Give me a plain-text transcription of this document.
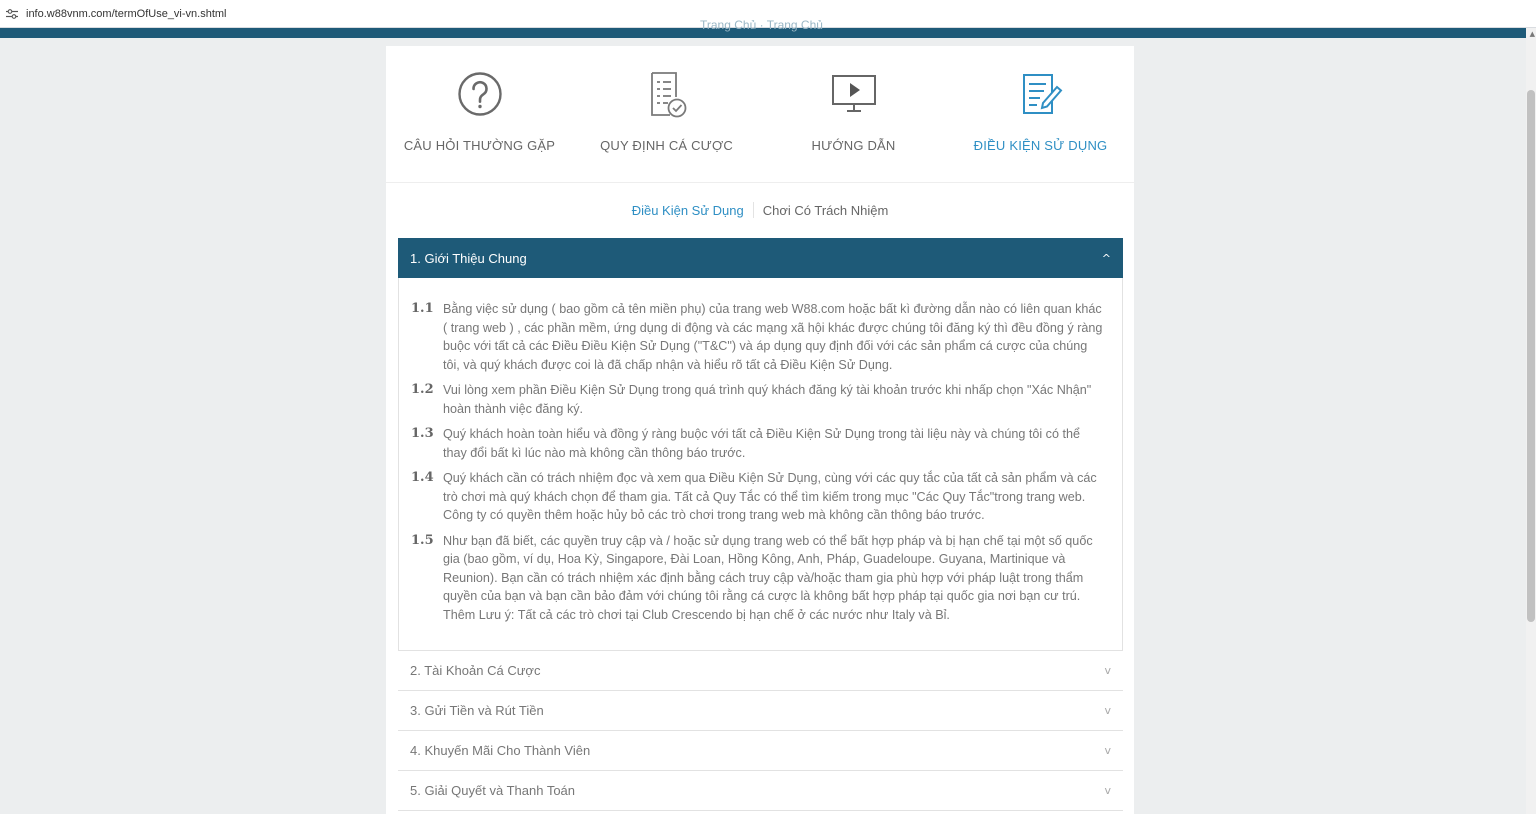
info.w88vnm.com/termOfUse_vi-vn.shtml
Trang Chủ · Trang Chủ
▲
CÂU HỎI THƯỜNG GẶP	QUY ĐỊNH CÁ CƯỢC	HƯỚNG DẪN	ĐIỀU KIỆN SỬ DỤNG
Điều Kiện Sử Dụng	Chơi Có Trách Nhiệm
1. Giới Thiệu Chung	^
1.1 Bằng việc sử dụng ( bao gồm cả tên miền phụ) của trang web W88.com hoặc bất kì đường dẫn nào có liên quan khác ( trang web ) , các phần mềm, ứng dụng di động và các mạng xã hội khác được chúng tôi đăng ký thì đều đồng ý ràng buộc với tất cả các Điều Điều Kiện Sử Dụng ("T&C") và áp dụng quy định đối với các sản phẩm cá cược của chúng tôi, và quý khách được coi là đã chấp nhận và hiểu rõ tất cả Điều Kiện Sử Dụng.
1.2 Vui lòng xem phần Điều Kiện Sử Dụng trong quá trình quý khách đăng ký tài khoản trước khi nhấp chọn "Xác Nhận" hoàn thành việc đăng ký.
1.3 Quý khách hoàn toàn hiểu và đồng ý ràng buộc với tất cả Điều Kiện Sử Dụng trong tài liệu này và chúng tôi có thể thay đổi bất kì lúc nào mà không cần thông báo trước.
1.4 Quý khách cần có trách nhiệm đọc và xem qua Điều Kiện Sử Dụng, cùng với các quy tắc của tất cả sản phẩm và các trò chơi mà quý khách chọn để tham gia. Tất cả Quy Tắc có thể tìm kiếm trong mục "Các Quy Tắc"trong trang web. Công ty có quyền thêm hoặc hủy bỏ các trò chơi trong trang web mà không cần thông báo trước.
1.5 Như bạn đã biết, các quyền truy cập và / hoặc sử dụng trang web có thể bất hợp pháp và bị hạn chế tại một số quốc gia (bao gồm, ví dụ, Hoa Kỳ, Singapore, Đài Loan, Hồng Kông, Anh, Pháp, Guadeloupe. Guyana, Martinique và Reunion). Bạn cần có trách nhiệm xác định bằng cách truy cập và/hoặc tham gia phù hợp với pháp luật trong thẩm quyền của bạn và bạn cần bảo đảm với chúng tôi rằng cá cược là không bất hợp pháp tại quốc gia nơi bạn cư trú. Thêm Lưu ý: Tất cả các trò chơi tại Club Crescendo bị hạn chế ở các nước như Italy và Bỉ.
2. Tài Khoản Cá Cược	v
3. Gửi Tiền và Rút Tiền	v
4. Khuyến Mãi Cho Thành Viên	v
5. Giải Quyết và Thanh Toán	v
